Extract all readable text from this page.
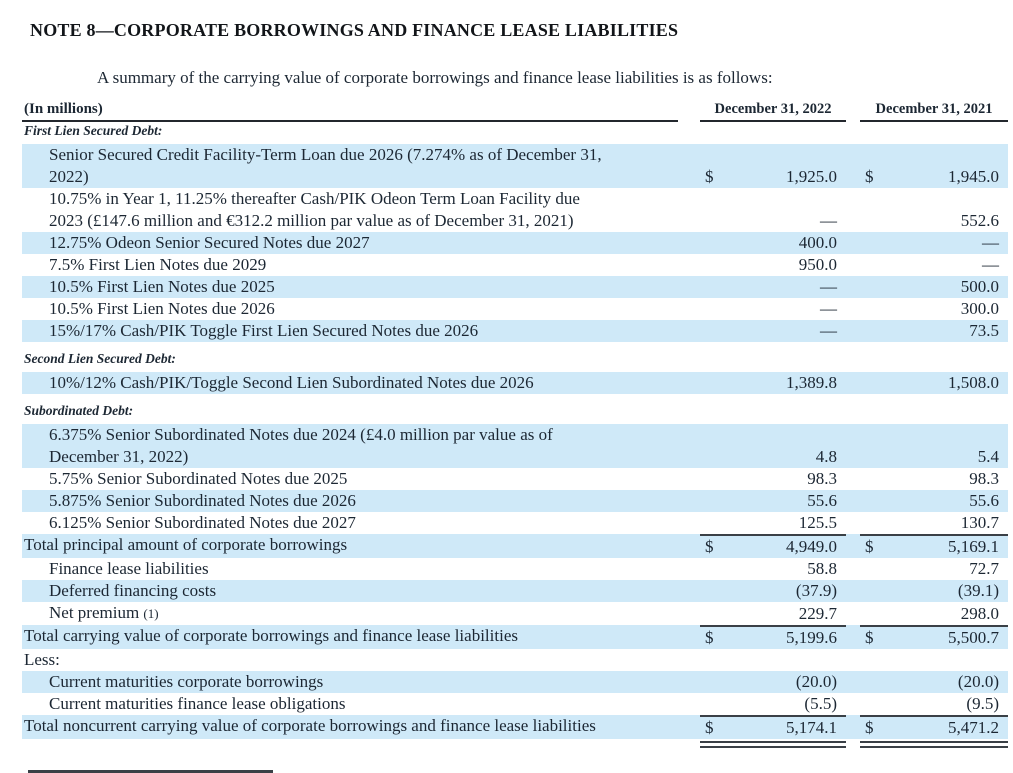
NOTE 8—CORPORATE BORROWINGS AND FINANCE LEASE LIABILITIES

A summary of the carrying value of corporate borrowings and finance lease liabilities is as follows:

(In millions)	December 31, 2022	December 31, 2021
First Lien Secured Debt:
Senior Secured Credit Facility-Term Loan due 2026 (7.274% as of December 31,
2022)	$	1,925.0 $	1,945.0
10.75% in Year 1, 11.25% thereafter Cash/PIK Odeon Term Loan Facility due
2023 (£147.6 million and €312.2 million par value as of December 31, 2021)	—	552.6
12.75% Odeon Senior Secured Notes due 2027	400.0	—
7.5% First Lien Notes due 2029	950.0	—
10.5% First Lien Notes due 2025	—	500.0
10.5% First Lien Notes due 2026	—	300.0
15%/17% Cash/PIK Toggle First Lien Secured Notes due 2026	—	73.5
Second Lien Secured Debt:
10%/12% Cash/PIK/Toggle Second Lien Subordinated Notes due 2026	1,389.8	1,508.0
Subordinated Debt:
6.375% Senior Subordinated Notes due 2024 (£4.0 million par value as of
December 31, 2022)	4.8	5.4
5.75% Senior Subordinated Notes due 2025	98.3	98.3
5.875% Senior Subordinated Notes due 2026	55.6	55.6
6.125% Senior Subordinated Notes due 2027	125.5	130.7
Total principal amount of corporate borrowings	$	4,949.0 $	5,169.1
Finance lease liabilities	58.8	72.7
Deferred financing costs	(37.9)	(39.1)
Net premium (1)	229.7	298.0
Total carrying value of corporate borrowings and finance lease liabilities	$	5,199.6 $	5,500.7
Less:
Current maturities corporate borrowings	(20.0)	(20.0)
Current maturities finance lease obligations	(5.5)	(9.5)
Total noncurrent carrying value of corporate borrowings and finance lease liabilities	$	5,174.1 $	5,471.2
